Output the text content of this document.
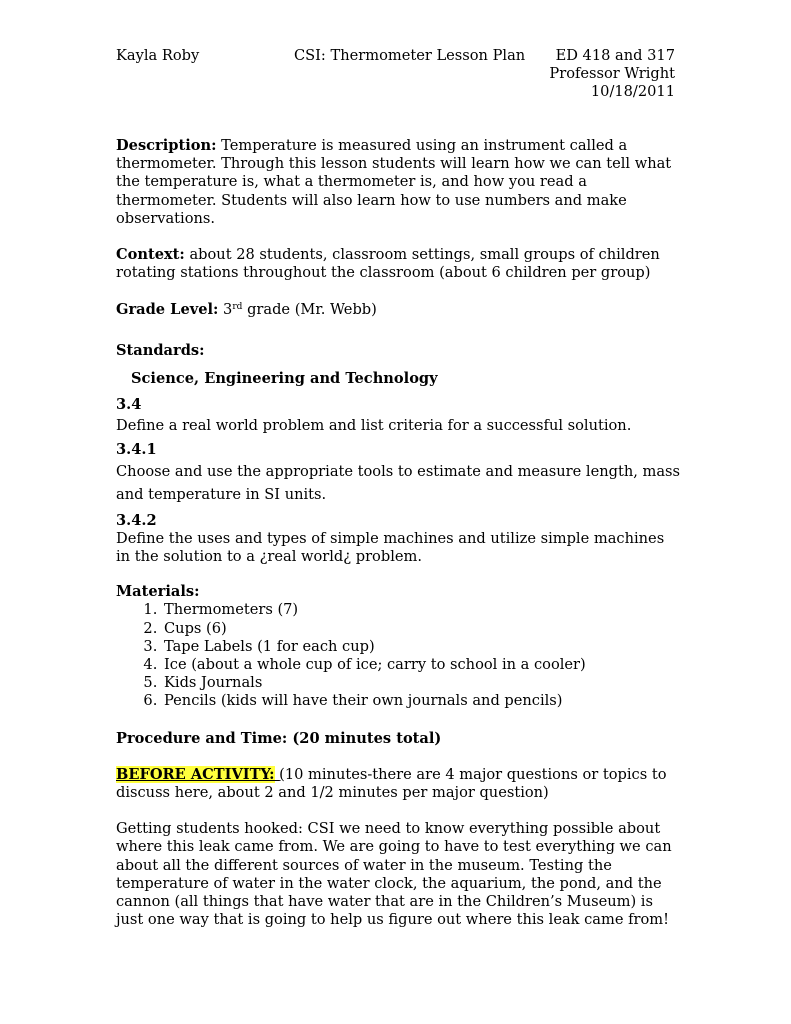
Kayla Roby	CSI: Thermometer Lesson Plan	ED 418 and 317
Professor Wright
10/18/2011

Description: Temperature is measured using an instrument called a thermometer. Through this lesson students will learn how we can tell what the temperature is, what a thermometer is, and how you read a thermometer. Students will also learn how to use numbers and make observations.

Context: about 28 students, classroom settings, small groups of children rotating stations throughout the classroom (about 6 children per group)

Grade Level: 3rd grade (Mr. Webb)

Standards:

Science, Engineering and Technology

3.4

Define a real world problem and list criteria for a successful solution.

3.4.1

Choose and use the appropriate tools to estimate and measure length, mass and temperature in SI units.

3.4.2

Define the uses and types of simple machines and utilize simple machines in the solution to a ¿real world¿ problem.

Materials:

1. Thermometers (7)
2. Cups (6)
3. Tape Labels (1 for each cup)
4. Ice (about a whole cup of ice; carry to school in a cooler)
5. Kids Journals
6. Pencils (kids will have their own journals and pencils)

Procedure and Time: (20 minutes total)

BEFORE ACTIVITY: (10 minutes-there are 4 major questions or topics to discuss here, about 2 and 1/2 minutes per major question)

Getting students hooked: CSI we need to know everything possible about where this leak came from. We are going to have to test everything we can about all the different sources of water in the museum. Testing the temperature of water in the water clock, the aquarium, the pond, and the cannon (all things that have water that are in the Children’s Museum) is just one way that is going to help us figure out where this leak came from!
